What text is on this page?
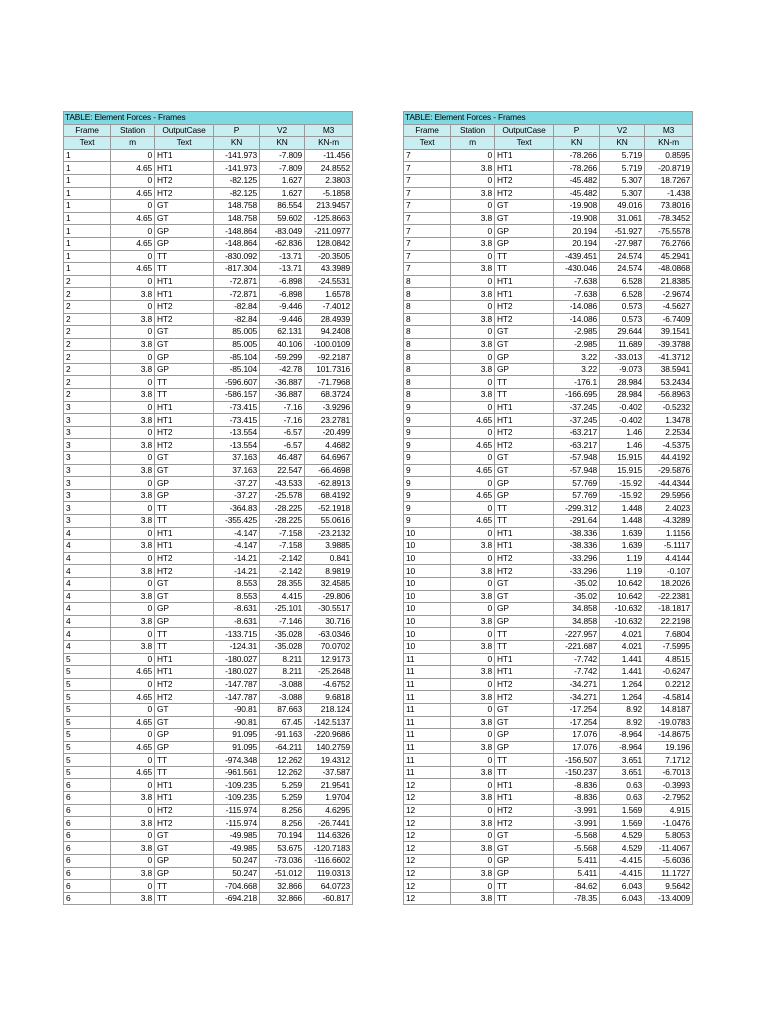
TABLE: Element Forces - Frames					
Frame	Station	OutputCase	P	V2	M3
Text	m	Text	KN	KN	KN-m
1	0	HT1	-141.973	-7.809	-11.456
1	4.65	HT1	-141.973	-7.809	24.8552
1	0	HT2	-82.125	1.627	2.3803
1	4.65	HT2	-82.125	1.627	-5.1858
1	0	GT	148.758	86.554	213.9457
1	4.65	GT	148.758	59.602	-125.8663
1	0	GP	-148.864	-83.049	-211.0977
1	4.65	GP	-148.864	-62.836	128.0842
1	0	TT	-830.092	-13.71	-20.3505
1	4.65	TT	-817.304	-13.71	43.3989
2	0	HT1	-72.871	-6.898	-24.5531
2	3.8	HT1	-72.871	-6.898	1.6578
2	0	HT2	-82.84	-9.446	-7.4012
2	3.8	HT2	-82.84	-9.446	28.4939
2	0	GT	85.005	62.131	94.2408
2	3.8	GT	85.005	40.106	-100.0109
2	0	GP	-85.104	-59.299	-92.2187
2	3.8	GP	-85.104	-42.78	101.7316
2	0	TT	-596.607	-36.887	-71.7968
2	3.8	TT	-586.157	-36.887	68.3724
3	0	HT1	-73.415	-7.16	-3.9296
3	3.8	HT1	-73.415	-7.16	23.2781
3	0	HT2	-13.554	-6.57	-20.499
3	3.8	HT2	-13.554	-6.57	4.4682
3	0	GT	37.163	46.487	64.6967
3	3.8	GT	37.163	22.547	-66.4698
3	0	GP	-37.27	-43.533	-62.8913
3	3.8	GP	-37.27	-25.578	68.4192
3	0	TT	-364.83	-28.225	-52.1918
3	3.8	TT	-355.425	-28.225	55.0616
4	0	HT1	-4.147	-7.158	-23.2132
4	3.8	HT1	-4.147	-7.158	3.9885
4	0	HT2	-14.21	-2.142	0.841
4	3.8	HT2	-14.21	-2.142	8.9819
4	0	GT	8.553	28.355	32.4585
4	3.8	GT	8.553	4.415	-29.806
4	0	GP	-8.631	-25.101	-30.5517
4	3.8	GP	-8.631	-7.146	30.716
4	0	TT	-133.715	-35.028	-63.0346
4	3.8	TT	-124.31	-35.028	70.0702
5	0	HT1	-180.027	8.211	12.9173
5	4.65	HT1	-180.027	8.211	-25.2648
5	0	HT2	-147.787	-3.088	-4.6752
5	4.65	HT2	-147.787	-3.088	9.6818
5	0	GT	-90.81	87.663	218.124
5	4.65	GT	-90.81	67.45	-142.5137
5	0	GP	91.095	-91.163	-220.9686
5	4.65	GP	91.095	-64.211	140.2759
5	0	TT	-974.348	12.262	19.4312
5	4.65	TT	-961.561	12.262	-37.587
6	0	HT1	-109.235	5.259	21.9541
6	3.8	HT1	-109.235	5.259	1.9704
6	0	HT2	-115.974	8.256	4.6295
6	3.8	HT2	-115.974	8.256	-26.7441
6	0	GT	-49.985	70.194	114.6326
6	3.8	GT	-49.985	53.675	-120.7183
6	0	GP	50.247	-73.036	-116.6602
6	3.8	GP	50.247	-51.012	119.0313
6	0	TT	-704.668	32.866	64.0723
6	3.8	TT	-694.218	32.866	-60.817
TABLE: Element Forces - Frames					
Frame	Station	OutputCase	P	V2	M3
Text	m	Text	KN	KN	KN-m
7	0	HT1	-78.266	5.719	0.8595
7	3.8	HT1	-78.266	5.719	-20.8719
7	0	HT2	-45.482	5.307	18.7267
7	3.8	HT2	-45.482	5.307	-1.438
7	0	GT	-19.908	49.016	73.8016
7	3.8	GT	-19.908	31.061	-78.3452
7	0	GP	20.194	-51.927	-75.5578
7	3.8	GP	20.194	-27.987	76.2766
7	0	TT	-439.451	24.574	45.2941
7	3.8	TT	-430.046	24.574	-48.0868
8	0	HT1	-7.638	6.528	21.8385
8	3.8	HT1	-7.638	6.528	-2.9674
8	0	HT2	-14.086	0.573	-4.5627
8	3.8	HT2	-14.086	0.573	-6.7409
8	0	GT	-2.985	29.644	39.1541
8	3.8	GT	-2.985	11.689	-39.3788
8	0	GP	3.22	-33.013	-41.3712
8	3.8	GP	3.22	-9.073	38.5941
8	0	TT	-176.1	28.984	53.2434
8	3.8	TT	-166.695	28.984	-56.8963
9	0	HT1	-37.245	-0.402	-0.5232
9	4.65	HT1	-37.245	-0.402	1.3478
9	0	HT2	-63.217	1.46	2.2534
9	4.65	HT2	-63.217	1.46	-4.5375
9	0	GT	-57.948	15.915	44.4192
9	4.65	GT	-57.948	15.915	-29.5876
9	0	GP	57.769	-15.92	-44.4344
9	4.65	GP	57.769	-15.92	29.5956
9	0	TT	-299.312	1.448	2.4023
9	4.65	TT	-291.64	1.448	-4.3289
10	0	HT1	-38.336	1.639	1.1156
10	3.8	HT1	-38.336	1.639	-5.1117
10	0	HT2	-33.296	1.19	4.4144
10	3.8	HT2	-33.296	1.19	-0.107
10	0	GT	-35.02	10.642	18.2026
10	3.8	GT	-35.02	10.642	-22.2381
10	0	GP	34.858	-10.632	-18.1817
10	3.8	GP	34.858	-10.632	22.2198
10	0	TT	-227.957	4.021	7.6804
10	3.8	TT	-221.687	4.021	-7.5995
11	0	HT1	-7.742	1.441	4.8515
11	3.8	HT1	-7.742	1.441	-0.6247
11	0	HT2	-34.271	1.264	0.2212
11	3.8	HT2	-34.271	1.264	-4.5814
11	0	GT	-17.254	8.92	14.8187
11	3.8	GT	-17.254	8.92	-19.0783
11	0	GP	17.076	-8.964	-14.8675
11	3.8	GP	17.076	-8.964	19.196
11	0	TT	-156.507	3.651	7.1712
11	3.8	TT	-150.237	3.651	-6.7013
12	0	HT1	-8.836	0.63	-0.3993
12	3.8	HT1	-8.836	0.63	-2.7952
12	0	HT2	-3.991	1.569	4.915
12	3.8	HT2	-3.991	1.569	-1.0476
12	0	GT	-5.568	4.529	5.8053
12	3.8	GT	-5.568	4.529	-11.4067
12	0	GP	5.411	-4.415	-5.6036
12	3.8	GP	5.411	-4.415	11.1727
12	0	TT	-84.62	6.043	9.5642
12	3.8	TT	-78.35	6.043	-13.4009
